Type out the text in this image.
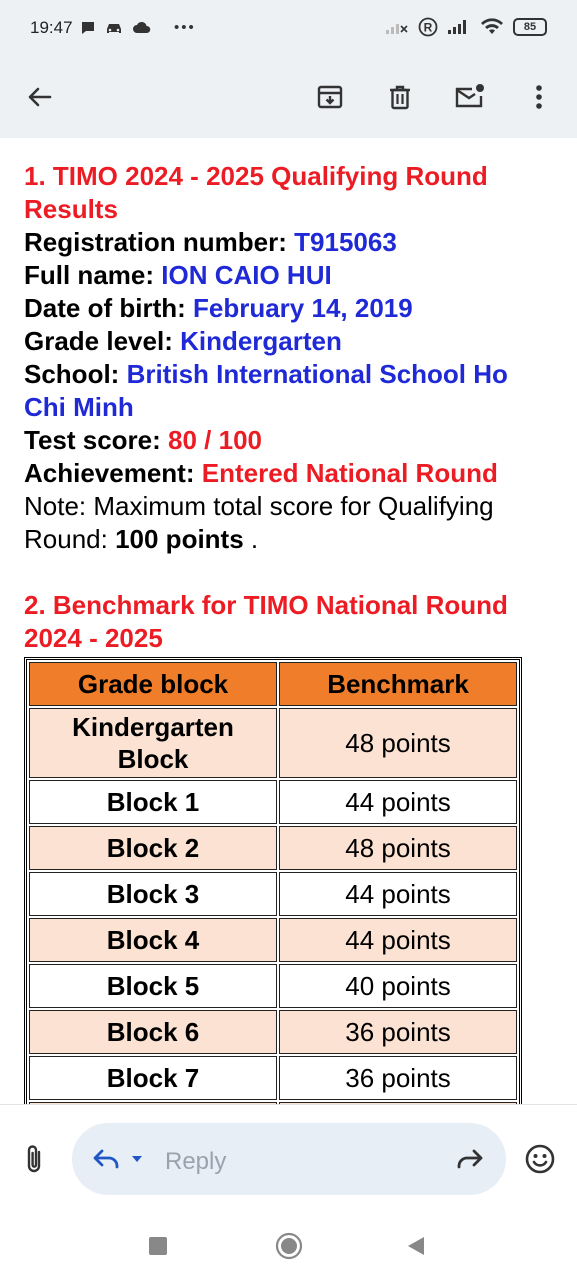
19:47	•••	R	85
1. TIMO 2024 - 2025 Qualifying Round Results
Registration number: T915063
Full name: ION CAIO HUI
Date of birth: February 14, 2019
Grade level: Kindergarten
School: British International School Ho Chi Minh
Test score: 80 / 100
Achievement: Entered National Round
Note: Maximum total score for Qualifying Round: 100 points .
2. Benchmark for TIMO National Round 2024 - 2025
Grade block	Benchmark
Kindergarten Block	48 points
Block 1	44 points
Block 2	48 points
Block 3	44 points
Block 4	44 points
Block 5	40 points
Block 6	36 points
Block 7	36 points

Reply
